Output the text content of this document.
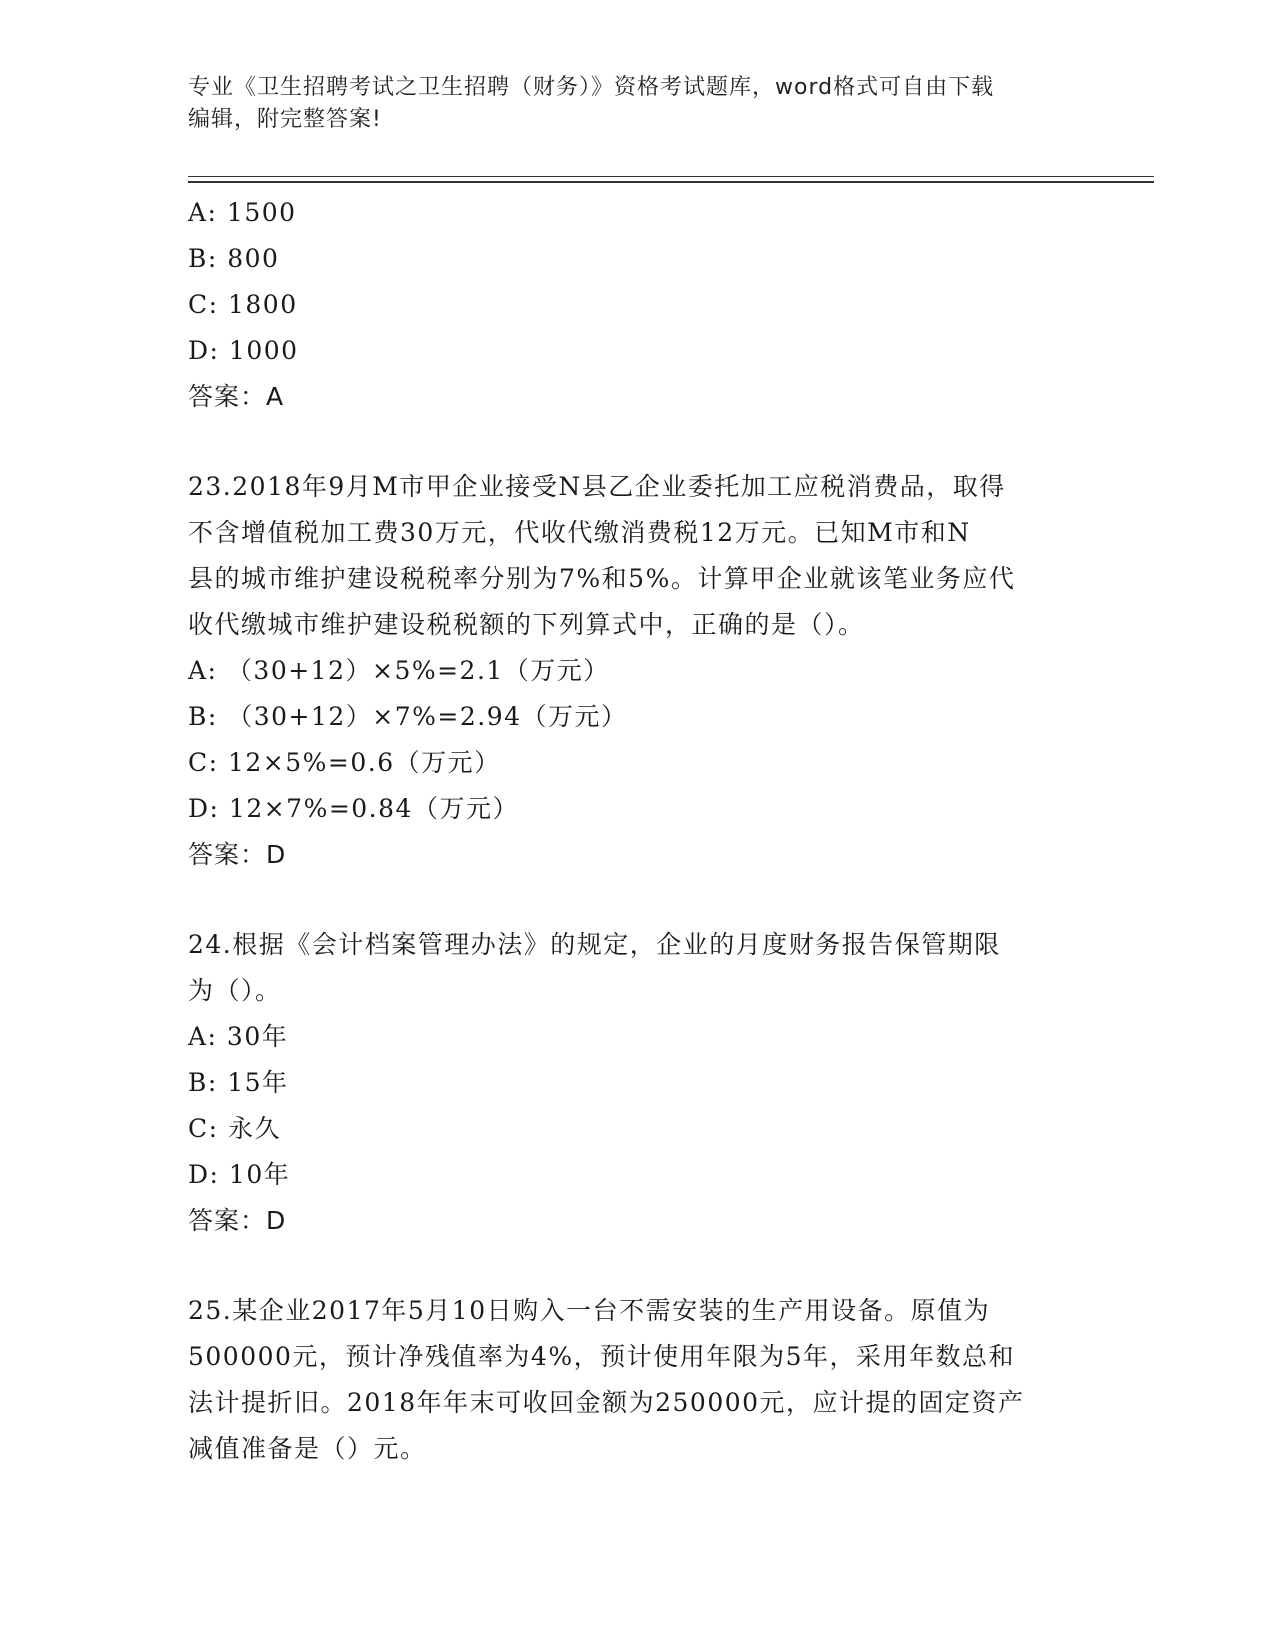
专业《卫生招聘考试之卫生招聘（财务）》资格考试题库，word格式可自由下载
编辑，附完整答案!
A: 1500
B: 800
C: 1800
D: 1000
答案：A
23.2018年9月M市甲企业接受N县乙企业委托加工应税消费品，取得
不含增值税加工费30万元，代收代缴消费税12万元。已知M市和N
县的城市维护建设税税率分别为7%和5%。计算甲企业就该笔业务应代
收代缴城市维护建设税税额的下列算式中，正确的是（）。
A: （30+12）×5%=2.1（万元）
B: （30+12）×7%=2.94（万元）
C: 12×5%=0.6（万元）
D: 12×7%=0.84（万元）
答案：D
24.根据《会计档案管理办法》的规定，企业的月度财务报告保管期限
为（）。
A: 30年
B: 15年
C: 永久
D: 10年
答案：D
25.某企业2017年5月10日购入一台不需安装的生产用设备。原值为
500000元，预计净残值率为4%，预计使用年限为5年，采用年数总和
法计提折旧。2018年年末可收回金额为250000元，应计提的固定资产
减值准备是（）元。
